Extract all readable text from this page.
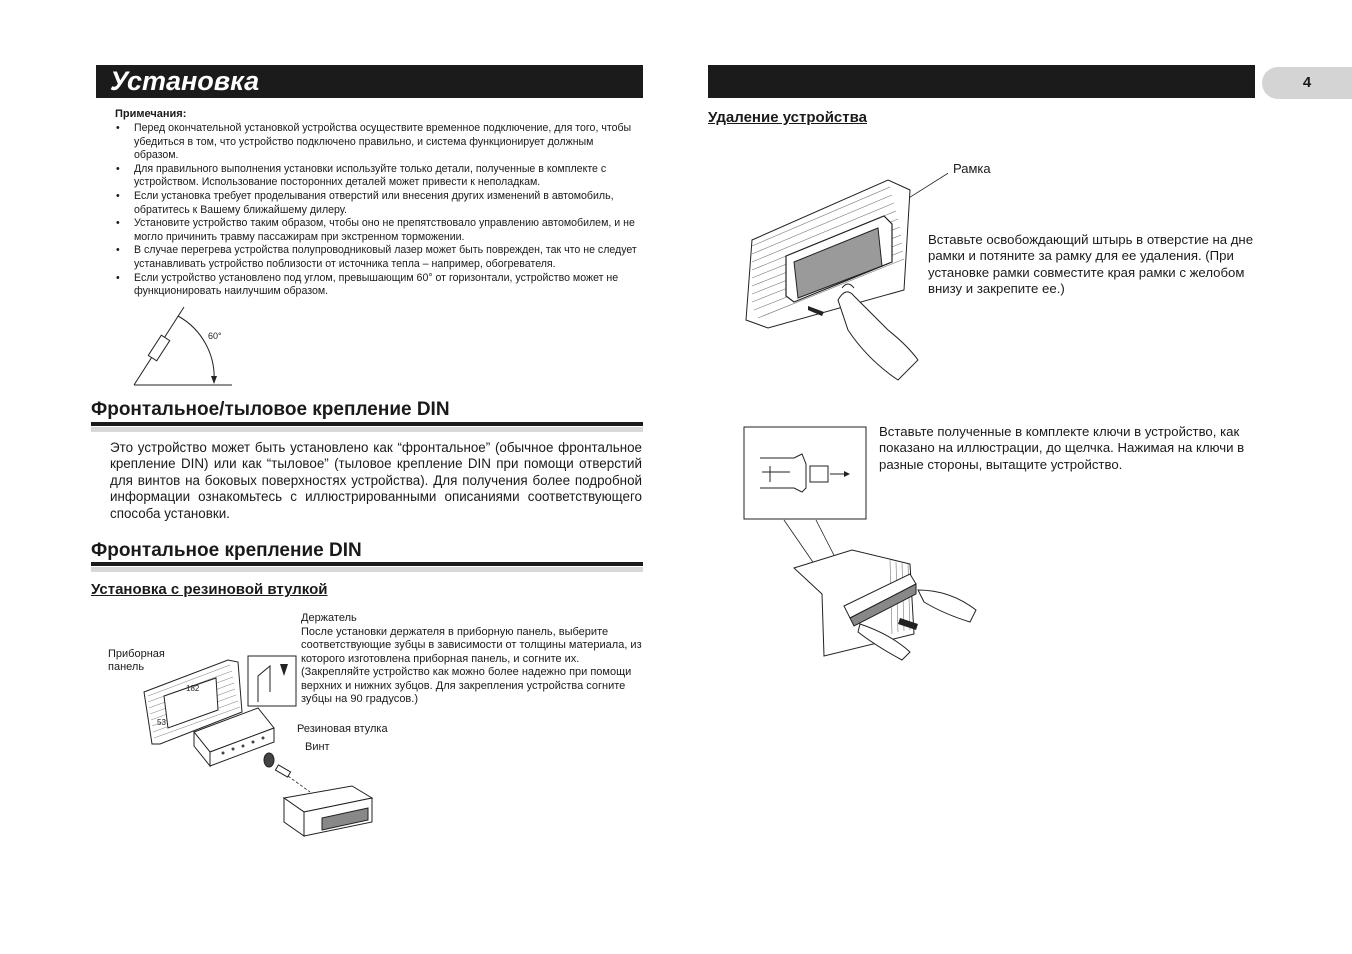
Установка
Примечания:
• Перед окончательной установкой устройства осуществите временное подключение, для того, чтобы убедиться в том, что устройство подключено правильно, и система функционирует должным образом.
• Для правильного выполнения установки используйте только детали, полученные в комплекте с устройством. Использование посторонних деталей может привести к неполадкам.
• Если установка требует проделывания отверстий или внесения других изменений в автомобиль, обратитесь к Вашему ближайшему дилеру.
• Установите устройство таким образом, чтобы оно не препятствовало управлению автомобилем, и не могло причинить травму пассажирам при экстренном торможении.
• В случае перегрева устройства полупроводниковый лазер может быть поврежден, так что не следует устанавливать устройство поблизости от источника тепла – например, обогревателя.
• Если устройство установлено под углом, превышающим 60° от горизонтали, устройство может не функционировать наилучшим образом.
60°
Фронтальное/тыловое крепление DIN
Это устройство может быть установлено как “фронтальное” (обычное фронтальное крепление DIN) или как “тыловое” (тыловое крепление DIN при помощи отверстий для винтов на боковых поверхностях устройства). Для получения более подробной информации ознакомьтесь с иллюстрированными описаниями соответствующего способа установки.
Фронтальное крепление DIN
Установка с резиновой втулкой
Держатель
После установки держателя в приборную панель, выберите соответствующие зубцы в зависимости от толщины материала, из которого изготовлена приборная панель, и согните их. (Закрепляйте устройство как можно более надежно при помощи верхних и нижних зубцов. Для закрепления устройства согните зубцы на 90 градусов.)
Приборная панель
Резиновая втулка
Винт
182
53
4
Удаление устройства
Рамка
Вставьте освобождающий штырь в отверстие на дне рамки и потяните за рамку для ее удаления. (При установке рамки совместите края рамки с желобом внизу и закрепите ее.)
Вставьте полученные в комплекте ключи в устройство, как показано на иллюстрации, до щелчка. Нажимая на ключи в разные стороны, вытащите устройство.
